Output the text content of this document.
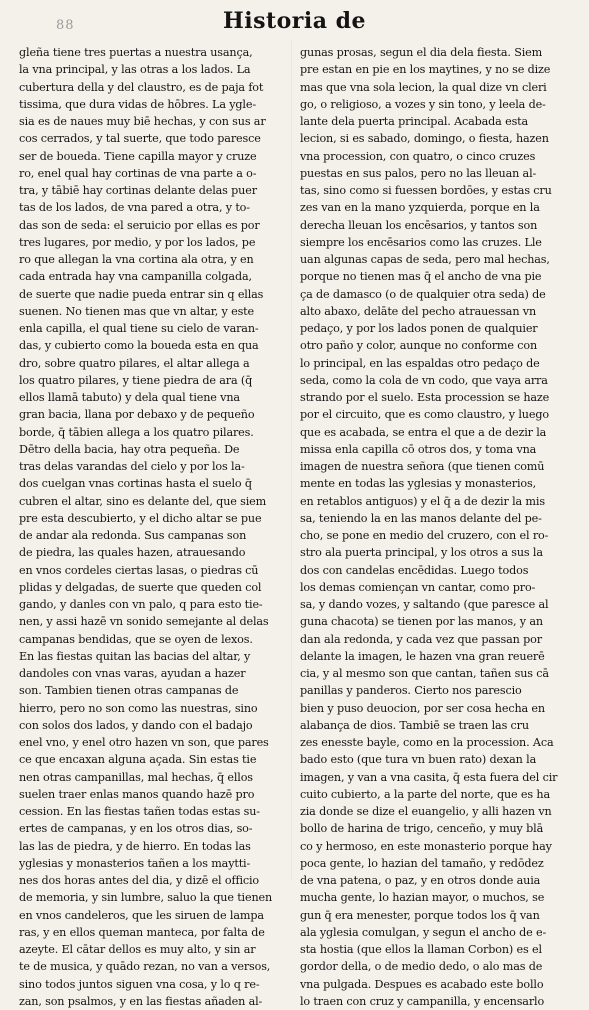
88	Historia de
gleña tiene tres puertas a nuestra usança,
la vna principal, y las otras a los lados. La
cubertura della y del claustro, es de paja fot
tissima, que dura vidas de hōbres. La ygle-
sia es de naues muy biē hechas, y con sus ar
cos cerrados, y tal suerte, que todo paresce
ser de boueda. Tiene capilla mayor y cruze
ro, enel qual hay cortinas de vna parte a o-
tra, y tābiē hay cortinas delante delas puer
tas de los lados, de vna pared a otra, y to-
das son de seda: el seruicio por ellas es por
tres lugares, por medio, y por los lados, pe
ro que allegan la vna cortina ala otra, y en
cada entrada hay vna campanilla colgada,
de suerte que nadie pueda entrar sin q ellas
suenen. No tienen mas que vn altar, y este
enla capilla, el qual tiene su cielo de varan-
das, y cubierto como la boueda esta en qua
dro, sobre quatro pilares, el altar allega a
los quatro pilares, y tiene piedra de ara (q̄
ellos llamā tabuto) y dela qual tiene vna
gran bacia, llana por debaxo y de pequeño
borde, q̄ tābien allega a los quatro pilares.
Dētro della bacia, hay otra pequeña. De
tras delas varandas del cielo y por los la-
dos cuelgan vnas cortinas hasta el suelo q̄
cubren el altar, sino es delante del, que siem
pre esta descubierto, y el dicho altar se pue
de andar ala redonda. Sus campanas son
de piedra, las quales hazen, atrauesando
en vnos cordeles ciertas lasas, o piedras cū
plidas y delgadas, de suerte que queden col
gando, y danles con vn palo, q para esto tie-
nen, y assi hazē vn sonido semejante al delas
campanas bendidas, que se oyen de lexos.
En las fiestas quitan las bacias del altar, y
dandoles con vnas varas, ayudan a hazer
son. Tambien tienen otras campanas de
hierro, pero no son como las nuestras, sino
con solos dos lados, y dando con el badajo
enel vno, y enel otro hazen vn son, que pares
ce que encaxan alguna açada. Sin estas tie
nen otras campanillas, mal hechas, q̄ ellos
suelen traer enlas manos quando hazē pro
cession. En las fiestas tañen todas estas su-
ertes de campanas, y en los otros dias, so-
las las de piedra, y de hierro. En todas las
yglesias y monasterios tañen a los maytti-
nes dos horas antes del dia, y dizē el officio
de memoria, y sin lumbre, saluo la que tienen
en vnos candeleros, que les siruen de lampa
ras, y en ellos queman manteca, por falta de
azeyte. El cātar dellos es muy alto, y sin ar
te de musica, y quādo rezan, no van a versos,
sino todos juntos siguen vna cosa, y lo q re-
zan, son psalmos, y en las fiestas añaden al-
gunas prosas, segun el dia dela fiesta. Siem
pre estan en pie en los maytines, y no se dize
mas que vna sola lecion, la qual dize vn cleri
go, o religioso, a vozes y sin tono, y leela de-
lante dela puerta principal. Acabada esta
lecion, si es sabado, domingo, o fiesta, hazen
vna procession, con quatro, o cinco cruzes
puestas en sus palos, pero no las lleuan al-
tas, sino como si fuessen bordōes, y estas cru
zes van en la mano yzquierda, porque en la
derecha lleuan los encēsarios, y tantos son
siempre los encēsarios como las cruzes. Lle
uan algunas capas de seda, pero mal hechas,
porque no tienen mas q̄ el ancho de vna pie
ça de damasco (o de qualquier otra seda) de
alto abaxo, delāte del pecho atrauessan vn
pedaço, y por los lados ponen de qualquier
otro paño y color, aunque no conforme con
lo principal, en las espaldas otro pedaço de
seda, como la cola de vn codo, que vaya arra
strando por el suelo. Esta procession se haze
por el circuito, que es como claustro, y luego
que es acabada, se entra el que a de dezir la
missa enla capilla cō otros dos, y toma vna
imagen de nuestra señora (que tienen comū
mente en todas las yglesias y monasterios,
en retablos antiguos) y el q̄ a de dezir la mis
sa, teniendo la en las manos delante del pe-
cho, se pone en medio del cruzero, con el ro-
stro ala puerta principal, y los otros a sus la
dos con candelas encēdidas. Luego todos
los demas comiençan vn cantar, como pro-
sa, y dando vozes, y saltando (que paresce al
guna chacota) se tienen por las manos, y an
dan ala redonda, y cada vez que passan por
delante la imagen, le hazen vna gran reuerē
cia, y al mesmo son que cantan, tañen sus cā
panillas y panderos. Cierto nos parescio
bien y puso deuocion, por ser cosa hecha en
alabança de dios. Tambiē se traen las cru
zes enesste bayle, como en la procession. Aca
bado esto (que tura vn buen rato) dexan la
imagen, y van a vna casita, q̄ esta fuera del cir
cuito cubierto, a la parte del norte, que es ha
zia donde se dize el euangelio, y alli hazen vn
bollo de harina de trigo, cenceño, y muy blā
co y hermoso, en este monasterio porque hay
poca gente, lo hazian del tamaño, y redōdez
de vna patena, o paz, y en otros donde auia
mucha gente, lo hazian mayor, o muchos, se
gun q̄ era menester, porque todos los q̄ van
ala yglesia comulgan, y segun el ancho de e-
sta hostia (que ellos la llaman Corbon) es el
gordor della, o de medio dedo, o alo mas de
vna pulgada. Despues es acabado este bollo
lo traen con cruz y campanilla, y encensarlo
